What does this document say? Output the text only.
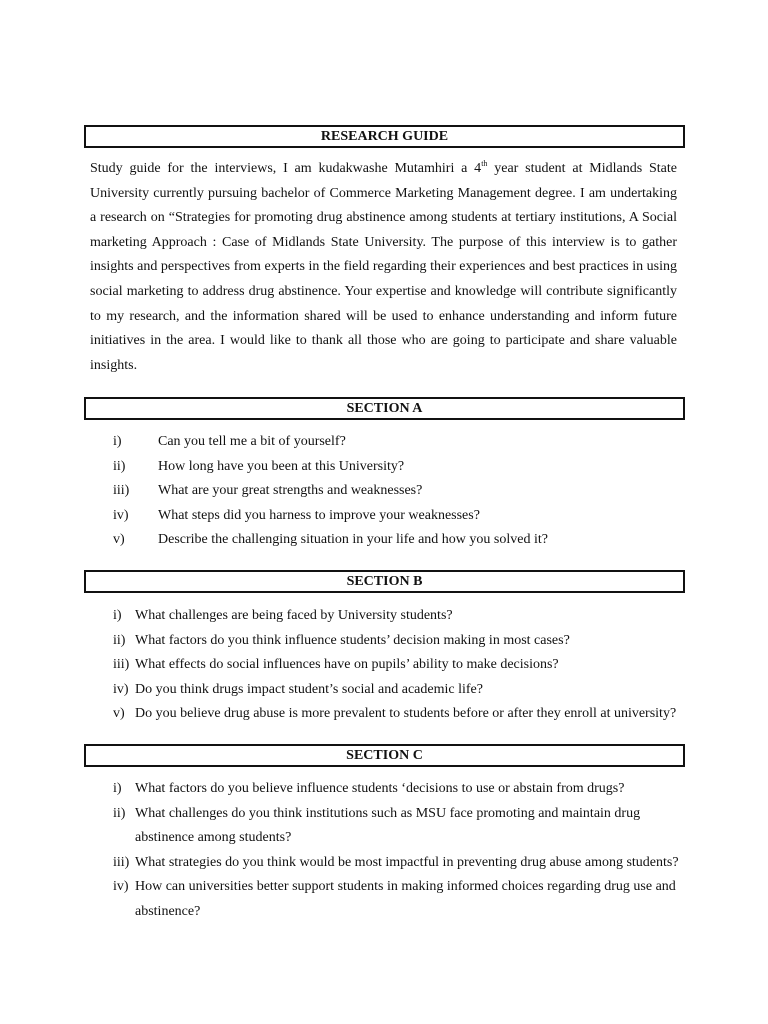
RESEARCH GUIDE

Study guide for the interviews, I am kudakwashe Mutamhiri a 4th year student at Midlands State University currently pursuing bachelor of Commerce Marketing Management degree. I am undertaking a research on “Strategies for promoting drug abstinence among students at tertiary institutions, A Social marketing Approach : Case of Midlands State University. The purpose of this interview is to gather insights and perspectives from experts in the field regarding their experiences and best practices in using social marketing to address drug abstinence. Your expertise and knowledge will contribute significantly to my research, and the information shared will be used to enhance understanding and inform future initiatives in the area. I would like to thank all those who are going to participate and share valuable insights.

SECTION A
i)	Can you tell me a bit of yourself?
ii) How long have you been at this University?
iii) What are your great strengths and weaknesses?
iv) What steps did you harness to improve your weaknesses?
v) Describe the challenging situation in your life and how you solved it?
SECTION B
i) What challenges are being faced by University students?
ii) What factors do you think influence students’ decision making in most cases?
iii) What effects do social influences have on pupils’ ability to make decisions?
iv) Do you think drugs impact student’s social and academic life?
v) Do you believe drug abuse is more prevalent to students before or after they enroll at university?
SECTION C
i) What factors do you believe influence students ‘decisions to use or abstain from drugs?
ii) What challenges do you think institutions such as MSU face promoting and maintain drug abstinence among students?
iii) What strategies do you think would be most impactful in preventing drug abuse among students?
iv) How can universities better support students in making informed choices regarding drug use and abstinence?
